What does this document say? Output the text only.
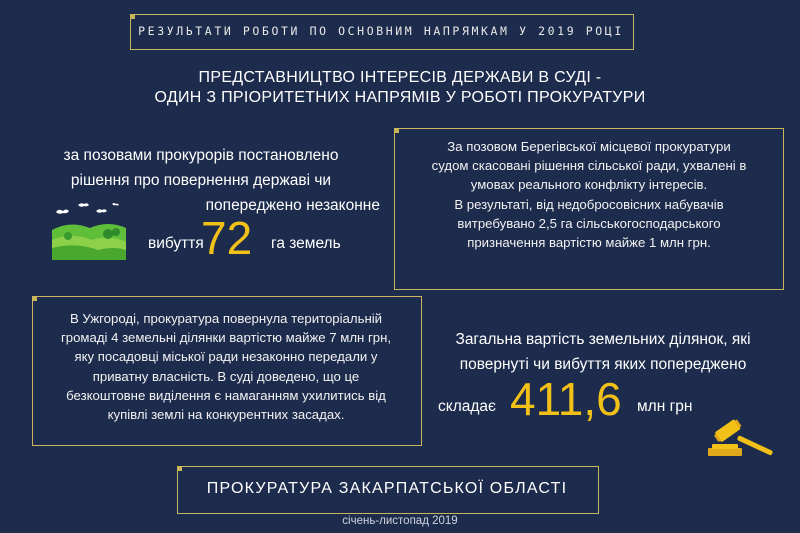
РЕЗУЛЬТАТИ РОБОТИ ПО ОСНОВНИМ НАПРЯМКАМ У 2019 РОЦІ
ПРЕДСТАВНИЦТВО ІНТЕРЕСІВ ДЕРЖАВИ В СУДІ -
ОДИН З ПРІОРИТЕТНИХ НАПРЯМІВ У РОБОТІ ПРОКУРАТУРИ
за позовами прокурорів постановлено
рішення про повернення державі чи
попереджено незаконне
вибуття
72 га земель
За позовом Берегівської місцевої прокуратури
судом скасовані рішення сільської ради, ухвалені в
умовах реального конфлікту інтересів.
В результаті, від недобросовісних набувачів
витребувано 2,5 га сільськогосподарського
призначення вартістю майже 1 млн грн.
В Ужгороді, прокуратура повернула територіальній
громаді 4 земельні ділянки вартістю майже 7 млн грн,
яку посадовці міської ради незаконно передали у
приватну власність. В суді доведено, що це
безкоштовне виділення є намаганням ухилитись від
купівлі землі на конкурентних засадах.
Загальна вартість земельних ділянок, які
повернуті чи вибуття яких попереджено
складає 411,6 млн грн
ПРОКУРАТУРА ЗАКАРПАТСЬКОЇ ОБЛАСТІ
січень-листопад 2019
